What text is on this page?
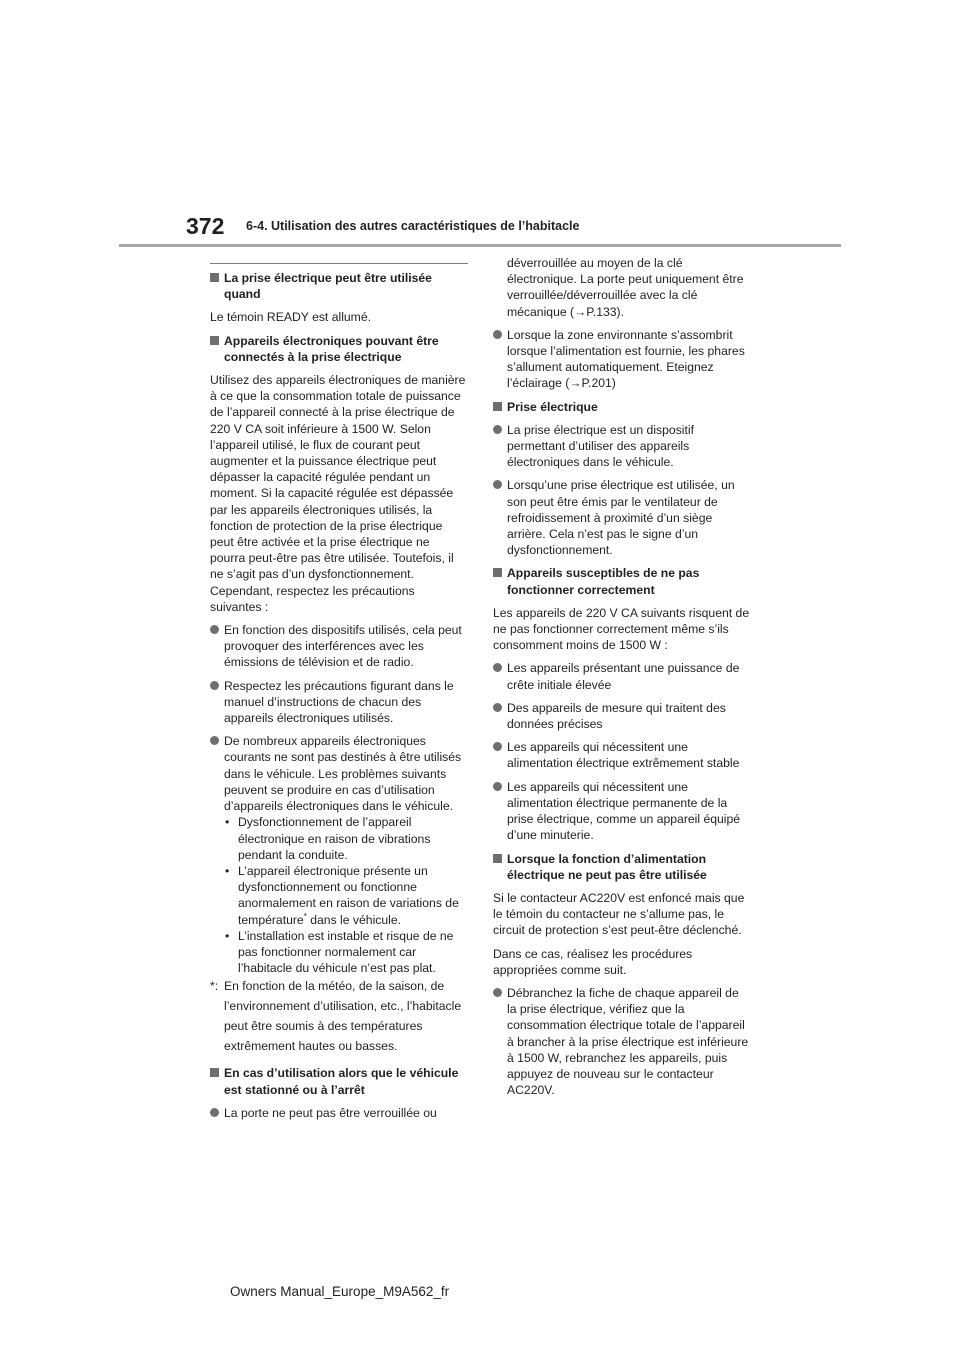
372 6-4. Utilisation des autres caractéristiques de l’habitacle
La prise électrique peut être utilisée quand

Le témoin READY est allumé.

Appareils électroniques pouvant être connectés à la prise électrique

Utilisez des appareils électroniques de manière à ce que la consommation totale de puissance de l’appareil connecté à la prise électrique de 220 V CA soit inférieure à 1500 W. Selon l’appareil utilisé, le flux de courant peut augmenter et la puissance électrique peut dépasser la capacité régulée pendant un moment. Si la capacité régulée est dépassée par les appareils électroniques utilisés, la fonction de protection de la prise électrique peut être activée et la prise électrique ne pourra peut-être pas être utilisée. Toutefois, il ne s’agit pas d’un dysfonctionnement. Cependant, respectez les précautions suivantes :

En fonction des dispositifs utilisés, cela peut provoquer des interférences avec les émissions de télévision et de radio.
Respectez les précautions figurant dans le manuel d’instructions de chacun des appareils électroniques utilisés.
De nombreux appareils électroniques courants ne sont pas destinés à être utilisés dans le véhicule. Les problèmes suivants peuvent se produire en cas d’utilisation d’appareils électroniques dans le véhicule.
• Dysfonctionnement de l’appareil électronique en raison de vibrations pendant la conduite.
• L’appareil électronique présente un dysfonctionnement ou fonctionne anormalement en raison de variations de température* dans le véhicule.
• L’installation est instable et risque de ne pas fonctionner normalement car l’habitacle du véhicule n’est pas plat.
*: En fonction de la météo, de la saison, de l’environnement d’utilisation, etc., l’habitacle peut être soumis à des températures extrêmement hautes ou basses.
En cas d’utilisation alors que le véhicule est stationné ou à l’arrêt
La porte ne peut pas être verrouillée ou

déverrouillée au moyen de la clé électronique. La porte peut uniquement être verrouillée/déverrouillée avec la clé mécanique (→P.133).

Lorsque la zone environnante s’assombrit lorsque l’alimentation est fournie, les phares s’allument automatiquement. Eteignez l’éclairage (→P.201)
Prise électrique
La prise électrique est un dispositif permettant d’utiliser des appareils électroniques dans le véhicule.
Lorsqu’une prise électrique est utilisée, un son peut être émis par le ventilateur de refroidissement à proximité d’un siège arrière. Cela n’est pas le signe d’un dysfonctionnement.
Appareils susceptibles de ne pas fonctionner correctement

Les appareils de 220 V CA suivants risquent de ne pas fonctionner correctement même s’ils consomment moins de 1500 W :

Les appareils présentant une puissance de crête initiale élevée
Des appareils de mesure qui traitent des données précises
Les appareils qui nécessitent une alimentation électrique extrêmement stable
Les appareils qui nécessitent une alimentation électrique permanente de la prise électrique, comme un appareil équipé d’une minuterie.
Lorsque la fonction d’alimentation électrique ne peut pas être utilisée

Si le contacteur AC220V est enfoncé mais que le témoin du contacteur ne s’allume pas, le circuit de protection s’est peut-être déclenché.

Dans ce cas, réalisez les procédures appropriées comme suit.

Débranchez la fiche de chaque appareil de la prise électrique, vérifiez que la consommation électrique totale de l’appareil à brancher à la prise électrique est inférieure à 1500 W, rebranchez les appareils, puis appuyez de nouveau sur le contacteur AC220V.
Owners Manual_Europe_M9A562_fr
